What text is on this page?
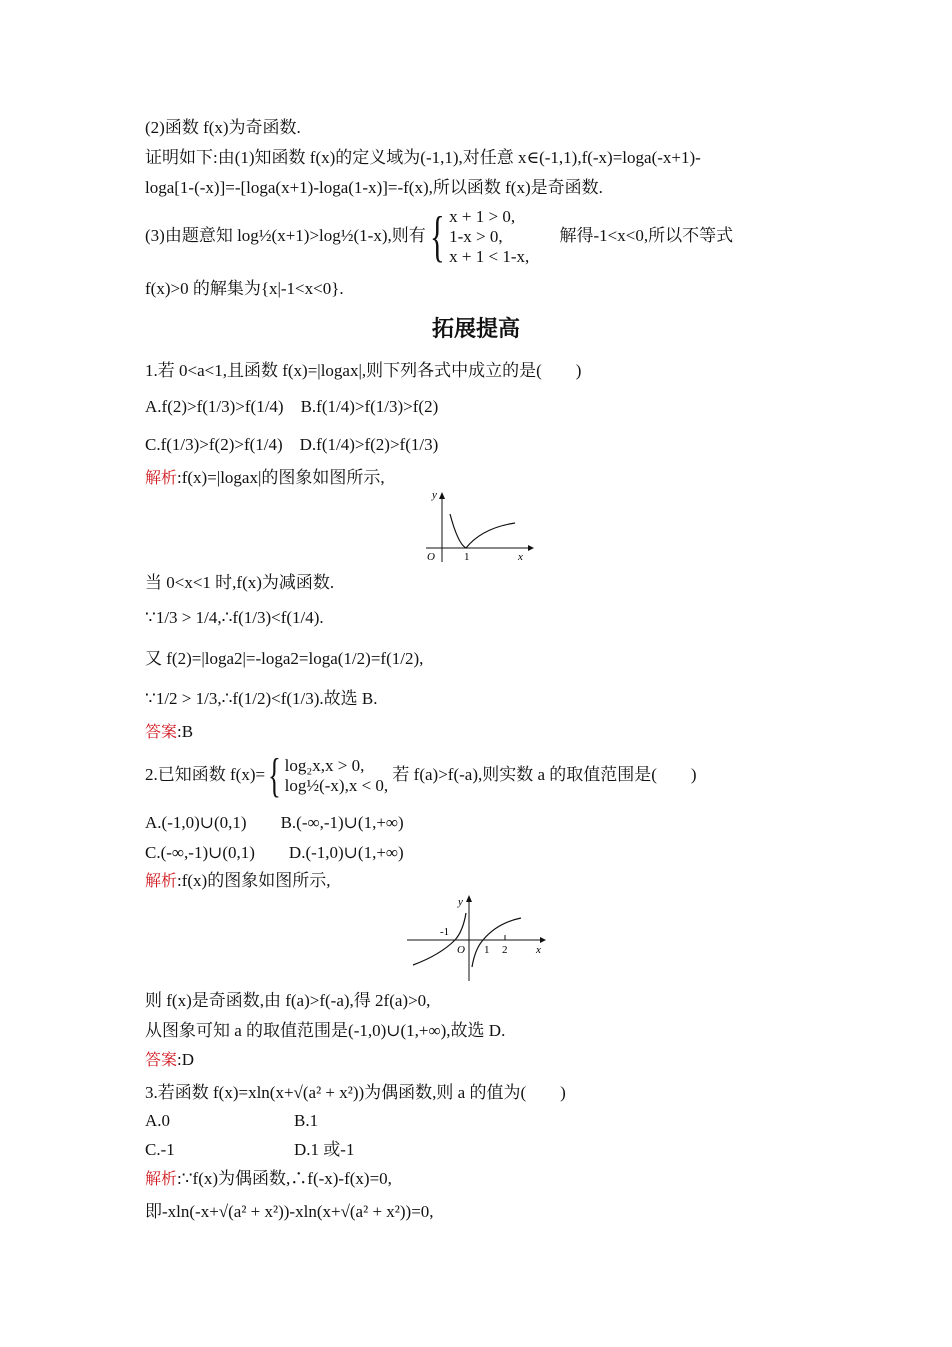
(2)函数 f(x)为奇函数.
证明如下:由(1)知函数 f(x)的定义域为(-1,1),对任意 x∈(-1,1),f(-x)=loga(-x+1)-
loga[1-(-x)]=-[loga(x+1)-loga(1-x)]=-f(x),所以函数 f(x)是奇函数.
(3)由题意知 log½(x+1)>log½(1-x),则有 { x + 1 > 0,
1-x > 0,
x + 1 < 1-x,
解得-1<x<0,所以不等式
f(x)>0 的解集为{x|-1<x<0}.
拓展提高
1.若 0<a<1,且函数 f(x)=|logax|,则下列各式中成立的是(　　)
A.f(2)>f(1/3)>f(1/4)　B.f(1/4)>f(1/3)>f(2)
C.f(1/3)>f(2)>f(1/4)　D.f(1/4)>f(2)>f(1/3)
解析:f(x)=|logax|的图象如图所示,
y
O	1	x
当 0<x<1 时,f(x)为减函数.
∵1/3 > 1/4,∴f(1/3)<f(1/4).
又 f(2)=|loga2|=-loga2=loga(1/2)=f(1/2),
∵1/2 > 1/3,∴f(1/2)<f(1/3).故选 B.
答案:B
2.已知函数 f(x)= { log₂x,x > 0,
log½(-x),x < 0,
若 f(a)>f(-a),则实数 a 的取值范围是(　　)
A.(-1,0)∪(0,1)　　B.(-∞,-1)∪(1,+∞)
C.(-∞,-1)∪(0,1)　　D.(-1,0)∪(1,+∞)
解析:f(x)的图象如图所示,
y
-1
O 1 2	x
则 f(x)是奇函数,由 f(a)>f(-a),得 2f(a)>0,
从图象可知 a 的取值范围是(-1,0)∪(1,+∞),故选 D.
答案:D
3.若函数 f(x)=xln(x+√(a² + x²))为偶函数,则 a 的值为(　　)
A.0	B.1
C.-1	D.1 或-1
解析:∵f(x)为偶函数,∴f(-x)-f(x)=0,
即-xln(-x+√(a² + x²))-xln(x+√(a² + x²))=0,
